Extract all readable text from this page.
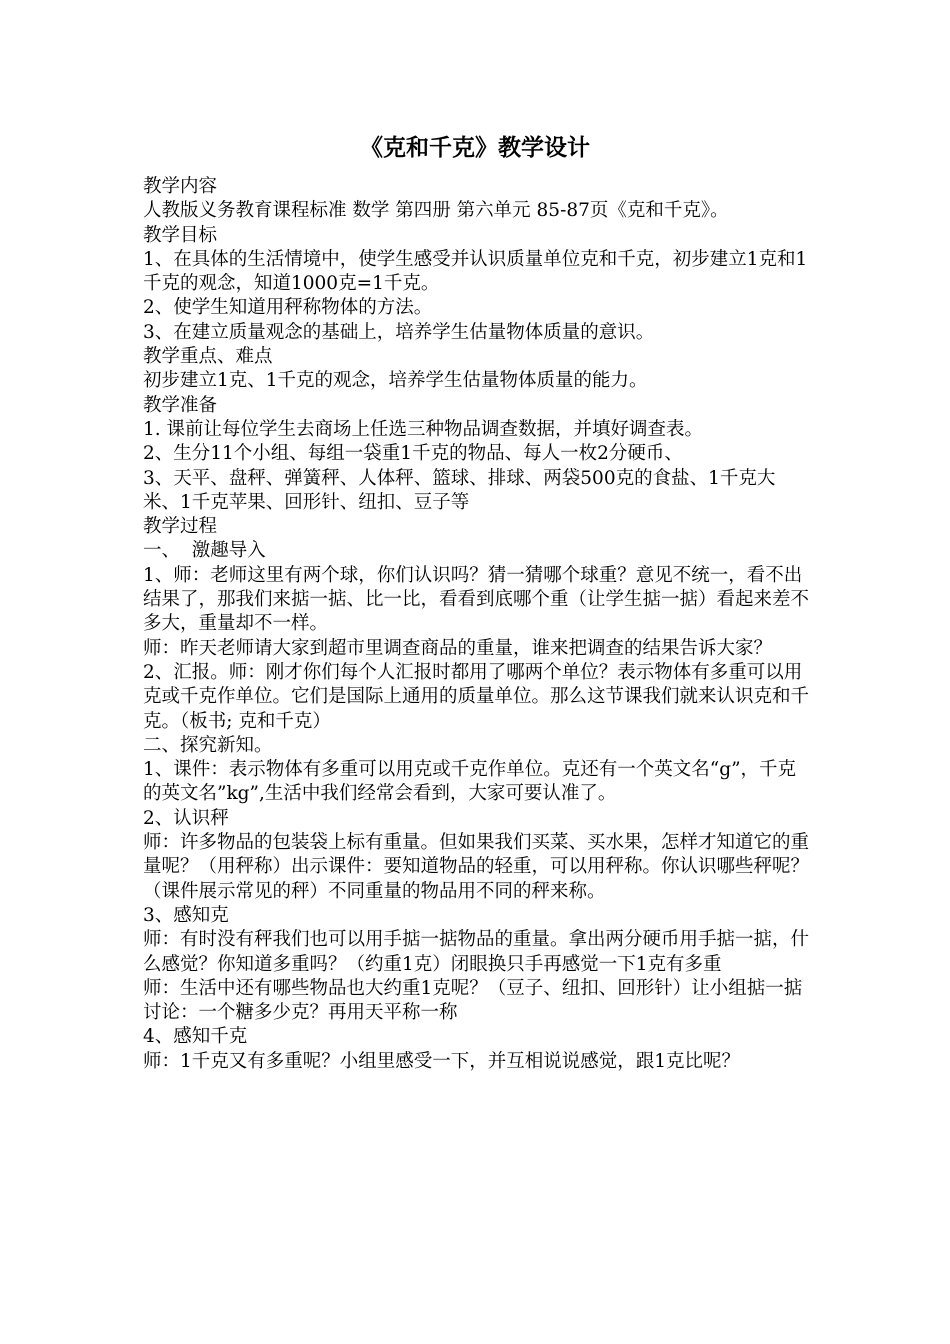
《克和千克》教学设计

教学内容

人教版义务教育课程标准 数学 第四册 第六单元 85-87页《克和千克》。

教学目标

1、在具体的生活情境中，使学生感受并认识质量单位克和千克，初步建立1克和1千克的观念，知道1000克=1千克。

2、使学生知道用秤称物体的方法。

3、在建立质量观念的基础上，培养学生估量物体质量的意识。

教学重点、难点

初步建立1克、1千克的观念，培养学生估量物体质量的能力。

教学准备

1. 课前让每位学生去商场上任选三种物品调查数据，并填好调查表。

2、生分11个小组、每组一袋重1千克的物品、每人一枚2分硬币、

3、天平、盘秤、弹簧秤、人体秤、篮球、排球、两袋500克的食盐、1千克大米、1千克苹果、回形针、纽扣、豆子等

教学过程

一、  激趣导入

1、师：老师这里有两个球，你们认识吗？猜一猜哪个球重？意见不统一，看不出结果了，那我们来掂一掂、比一比，看看到底哪个重（让学生掂一掂）看起来差不多大，重量却不一样。

师：昨天老师请大家到超市里调查商品的重量，谁来把调查的结果告诉大家？

2、汇报。师：刚才你们每个人汇报时都用了哪两个单位？表示物体有多重可以用克或千克作单位。它们是国际上通用的质量单位。那么这节课我们就来认识克和千克。（板书; 克和千克）

二、探究新知。

1、课件：表示物体有多重可以用克或千克作单位。克还有一个英文名“g”，千克的英文名”kg”,生活中我们经常会看到，大家可要认准了。

2、认识秤

师：许多物品的包装袋上标有重量。但如果我们买菜、买水果，怎样才知道它的重量呢？（用秤称）出示课件：要知道物品的轻重，可以用秤称。你认识哪些秤呢？（课件展示常见的秤）不同重量的物品用不同的秤来称。

3、感知克

师：有时没有秤我们也可以用手掂一掂物品的重量。拿出两分硬币用手掂一掂，什么感觉？你知道多重吗？（约重1克）闭眼换只手再感觉一下1克有多重

师：生活中还有哪些物品也大约重1克呢？（豆子、纽扣、回形针）让小组掂一掂讨论：一个糖多少克？再用天平称一称

4、感知千克

师：1千克又有多重呢？小组里感受一下，并互相说说感觉，跟1克比呢？
